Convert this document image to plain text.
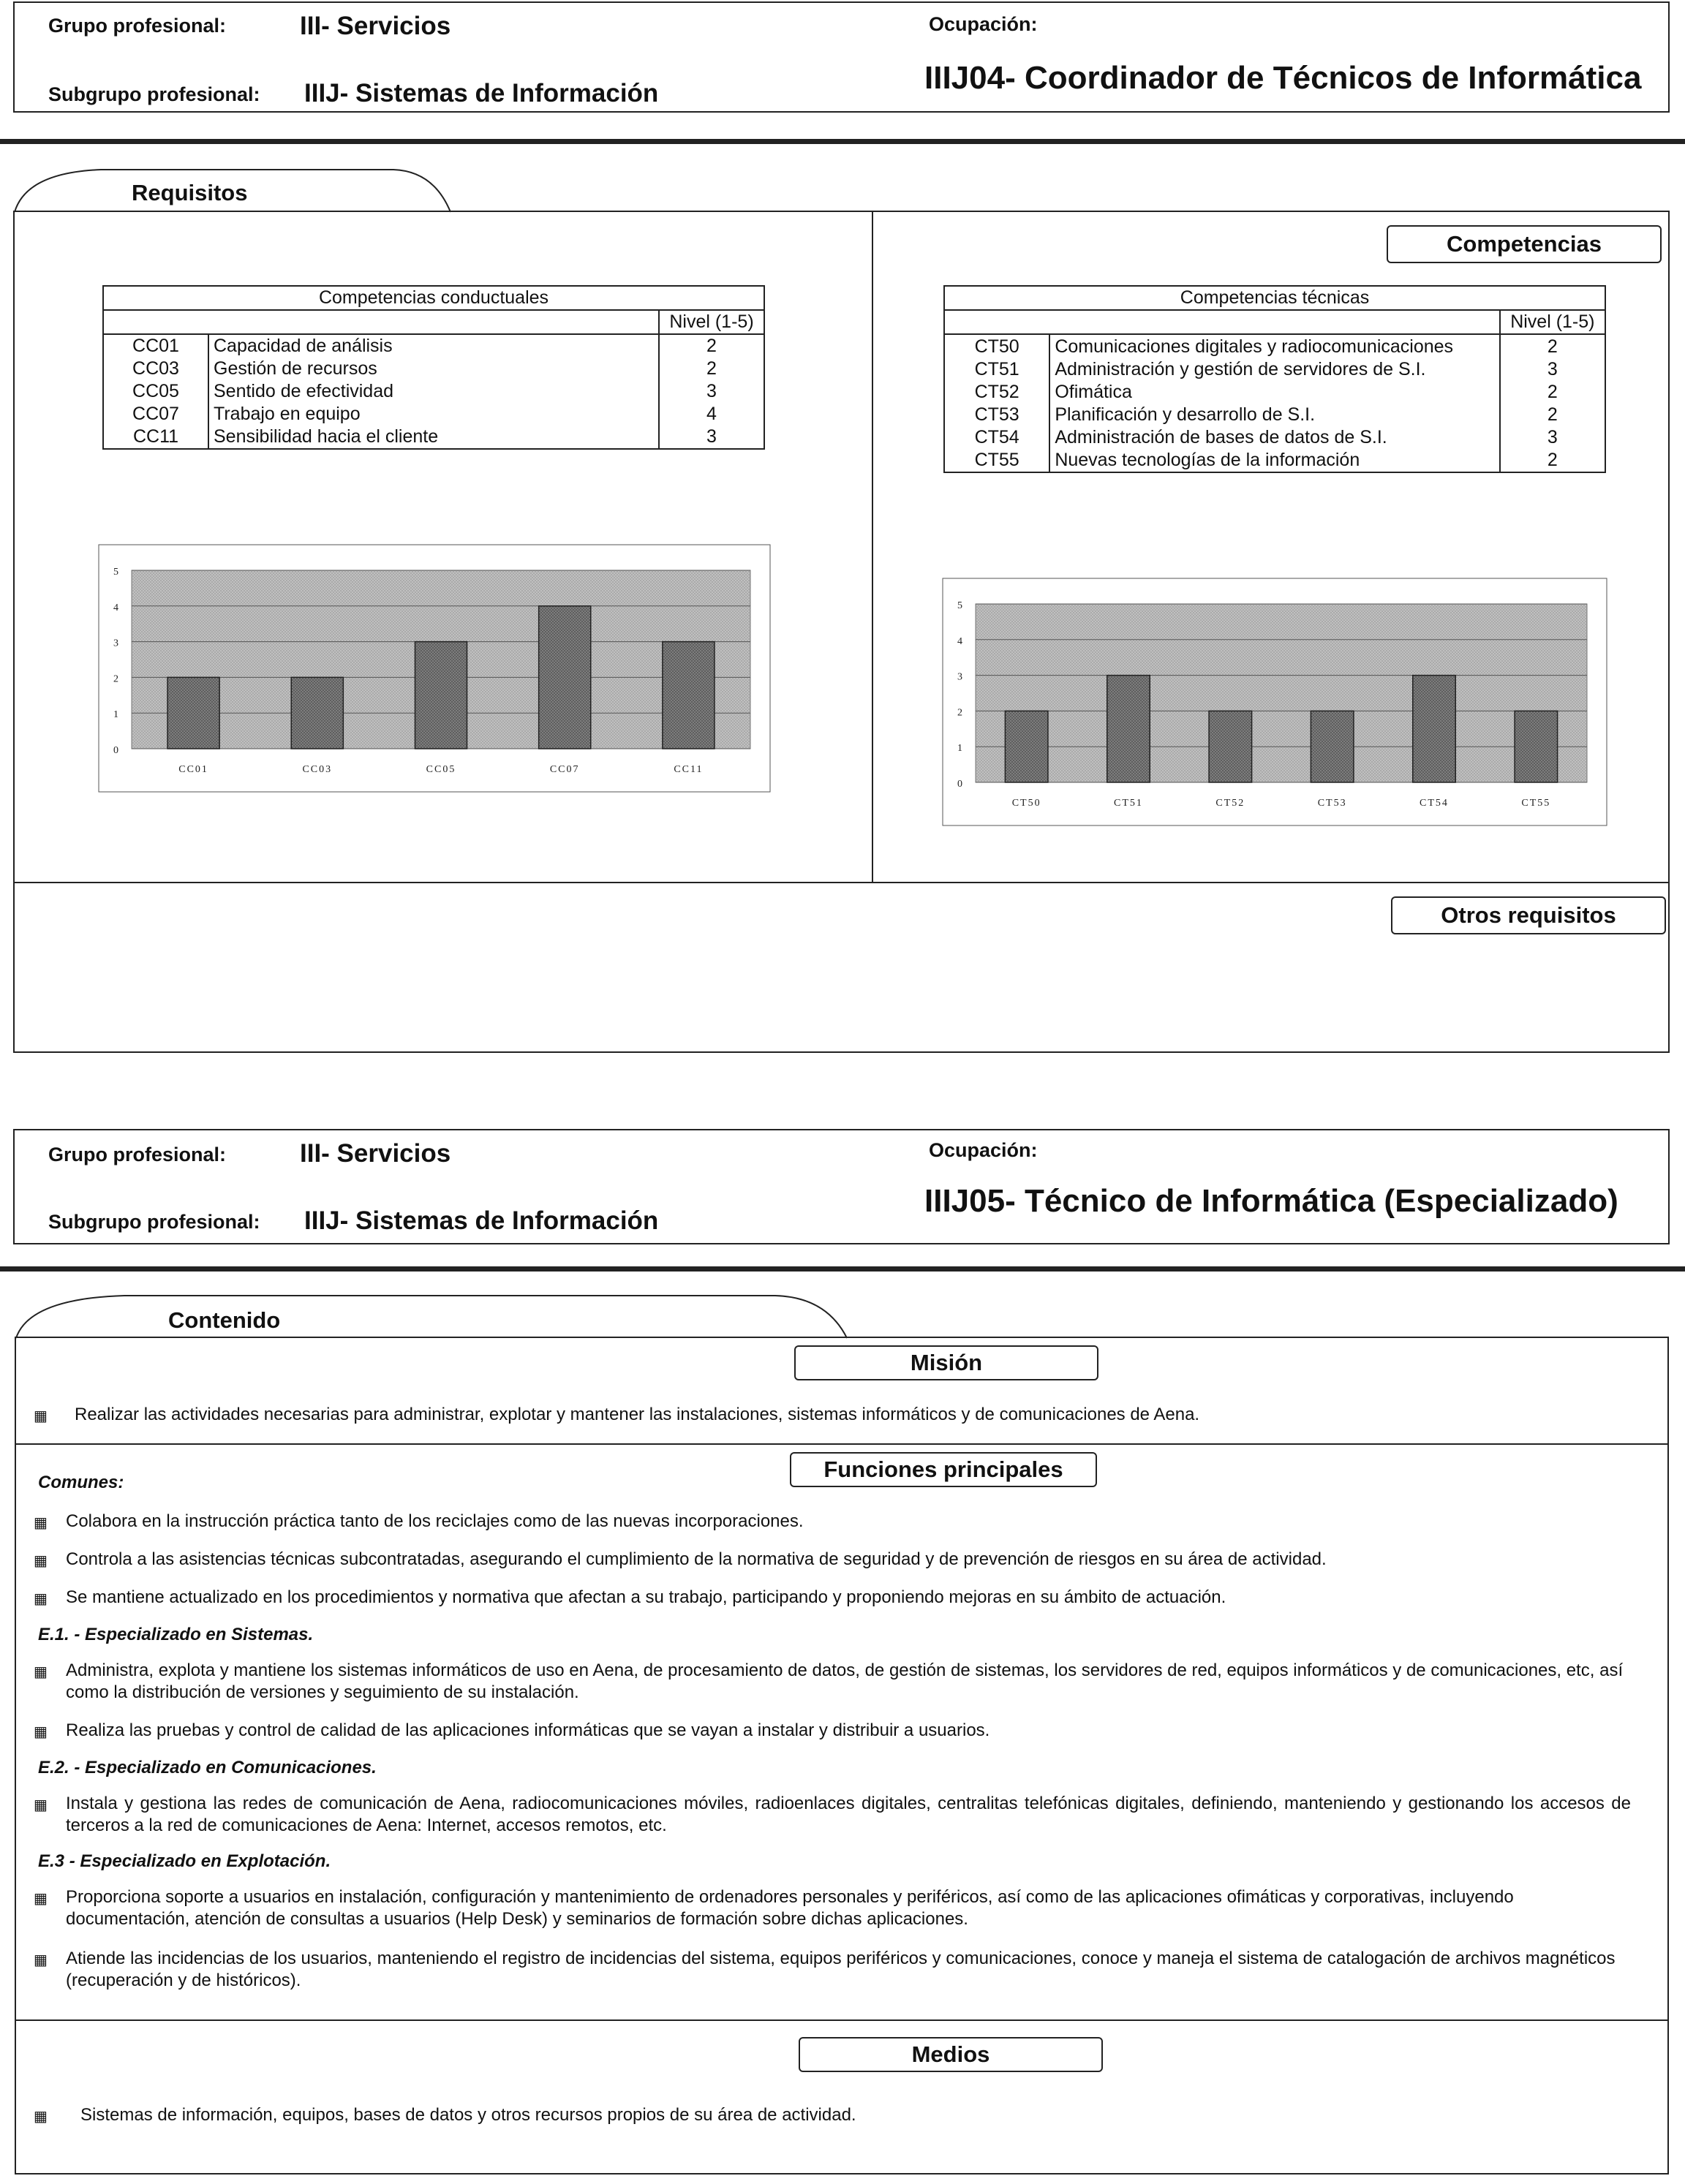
Grupo profesional:	III- Servicios
Subgrupo profesional: IIIJ- Sistemas de Información
Ocupación:
IIIJ04- Coordinador de Técnicos de Informática
Requisitos
Competencias
Competencias conductuales		
		Nivel (1-5)
CC01	Capacidad de análisis	2
CC03	Gestión de recursos	2
CC05	Sentido de efectividad	3
CC07	Trabajo en equipo	4
CC11	Sensibilidad hacia el cliente	3
Competencias técnicas		
		Nivel (1-5)
CT50	Comunicaciones digitales y radiocomunicaciones	2
CT51	Administración y gestión de servidores de S.I.	3
CT52	Ofimática	2
CT53	Planificación y desarrollo de S.I.	2
CT54	Administración de bases de datos de S.I.	3
CT55	Nuevas tecnologías de la información	2
0
1
2
3
4
5
CC01	CC03	CC05	CC07	CC11
0
1
2
3
4
5
CT50	CT51	CT52	CT53	CT54	CT55
Otros requisitos
Grupo profesional:	III- Servicios
Subgrupo profesional: IIIJ- Sistemas de Información
Ocupación:
IIIJ05- Técnico de Informática (Especializado)
Contenido
Misión
▦ Realizar las actividades necesarias para administrar, explotar y mantener las instalaciones, sistemas informáticos y de comunicaciones de Aena.
Comunes:
Funciones principales
▦ Colabora en la instrucción práctica tanto de los reciclajes como de las nuevas incorporaciones.
▦ Controla a las asistencias técnicas subcontratadas, asegurando el cumplimiento de la normativa de seguridad y de prevención de riesgos en su área de actividad.
▦ Se mantiene actualizado en los procedimientos y normativa que afectan a su trabajo, participando y proponiendo mejoras en su ámbito de actuación.
E.1. - Especializado en Sistemas.
▦ Administra, explota y mantiene los sistemas informáticos de uso en Aena, de procesamiento de datos, de gestión de sistemas, los servidores de red, equipos informáticos y de comunicaciones, etc, así como la distribución de versiones y seguimiento de su instalación.
▦ Realiza las pruebas y control de calidad de las aplicaciones informáticas que se vayan a instalar y distribuir a usuarios.
E.2. - Especializado en Comunicaciones.
▦ Instala y gestiona las redes de comunicación de Aena, radiocomunicaciones móviles, radioenlaces digitales, centralitas telefónicas digitales, definiendo, manteniendo y gestionando los accesos de terceros a la red de comunicaciones de Aena: Internet, accesos remotos, etc.
E.3 - Especializado en Explotación.
▦ Proporciona soporte a usuarios en instalación, configuración y mantenimiento de ordenadores personales y periféricos, así como de las aplicaciones ofimáticas y corporativas, incluyendo documentación, atención de consultas a usuarios (Help Desk) y seminarios de formación sobre dichas aplicaciones.
▦ Atiende las incidencias de los usuarios, manteniendo el registro de incidencias del sistema, equipos periféricos y comunicaciones, conoce y maneja el sistema de catalogación de archivos magnéticos (recuperación y de históricos).
Medios
▦ Sistemas de información, equipos, bases de datos y otros recursos propios de su área de actividad.
